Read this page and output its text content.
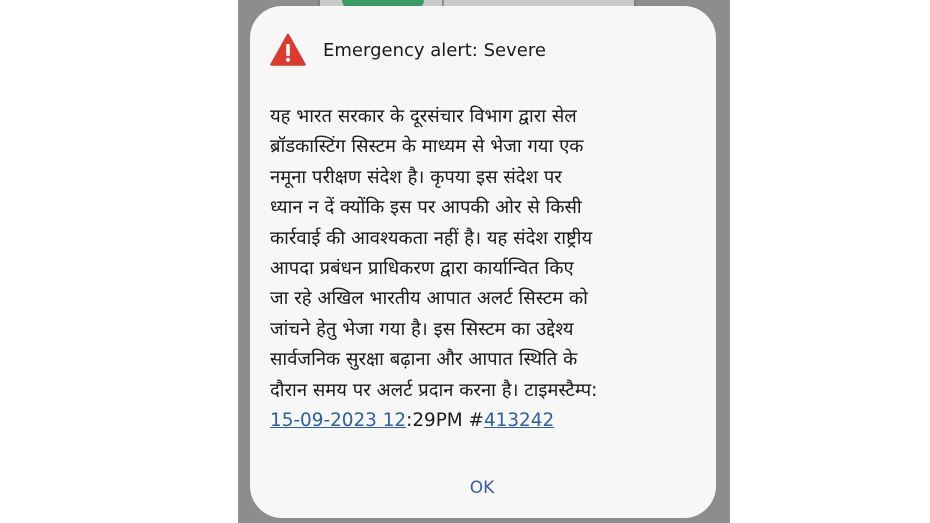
Emergency alert: Severe
यह भारत सरकार के दूरसंचार विभाग द्वारा सेल
ब्रॉडकास्टिंग सिस्टम के माध्यम से भेजा गया एक
नमूना परीक्षण संदेश है। कृपया इस संदेश पर
ध्यान न दें क्योंकि इस पर आपकी ओर से किसी
कार्रवाई की आवश्यकता नहीं है। यह संदेश राष्ट्रीय
आपदा प्रबंधन प्राधिकरण द्वारा कार्यान्वित किए
जा रहे अखिल भारतीय आपात अलर्ट सिस्टम को
जांचने हेतु भेजा गया है। इस सिस्टम का उद्देश्य
सार्वजनिक सुरक्षा बढ़ाना और आपात स्थिति के
दौरान समय पर अलर्ट प्रदान करना है। टाइमस्टैम्प:
15-09-2023 12:29PM #413242
OK
